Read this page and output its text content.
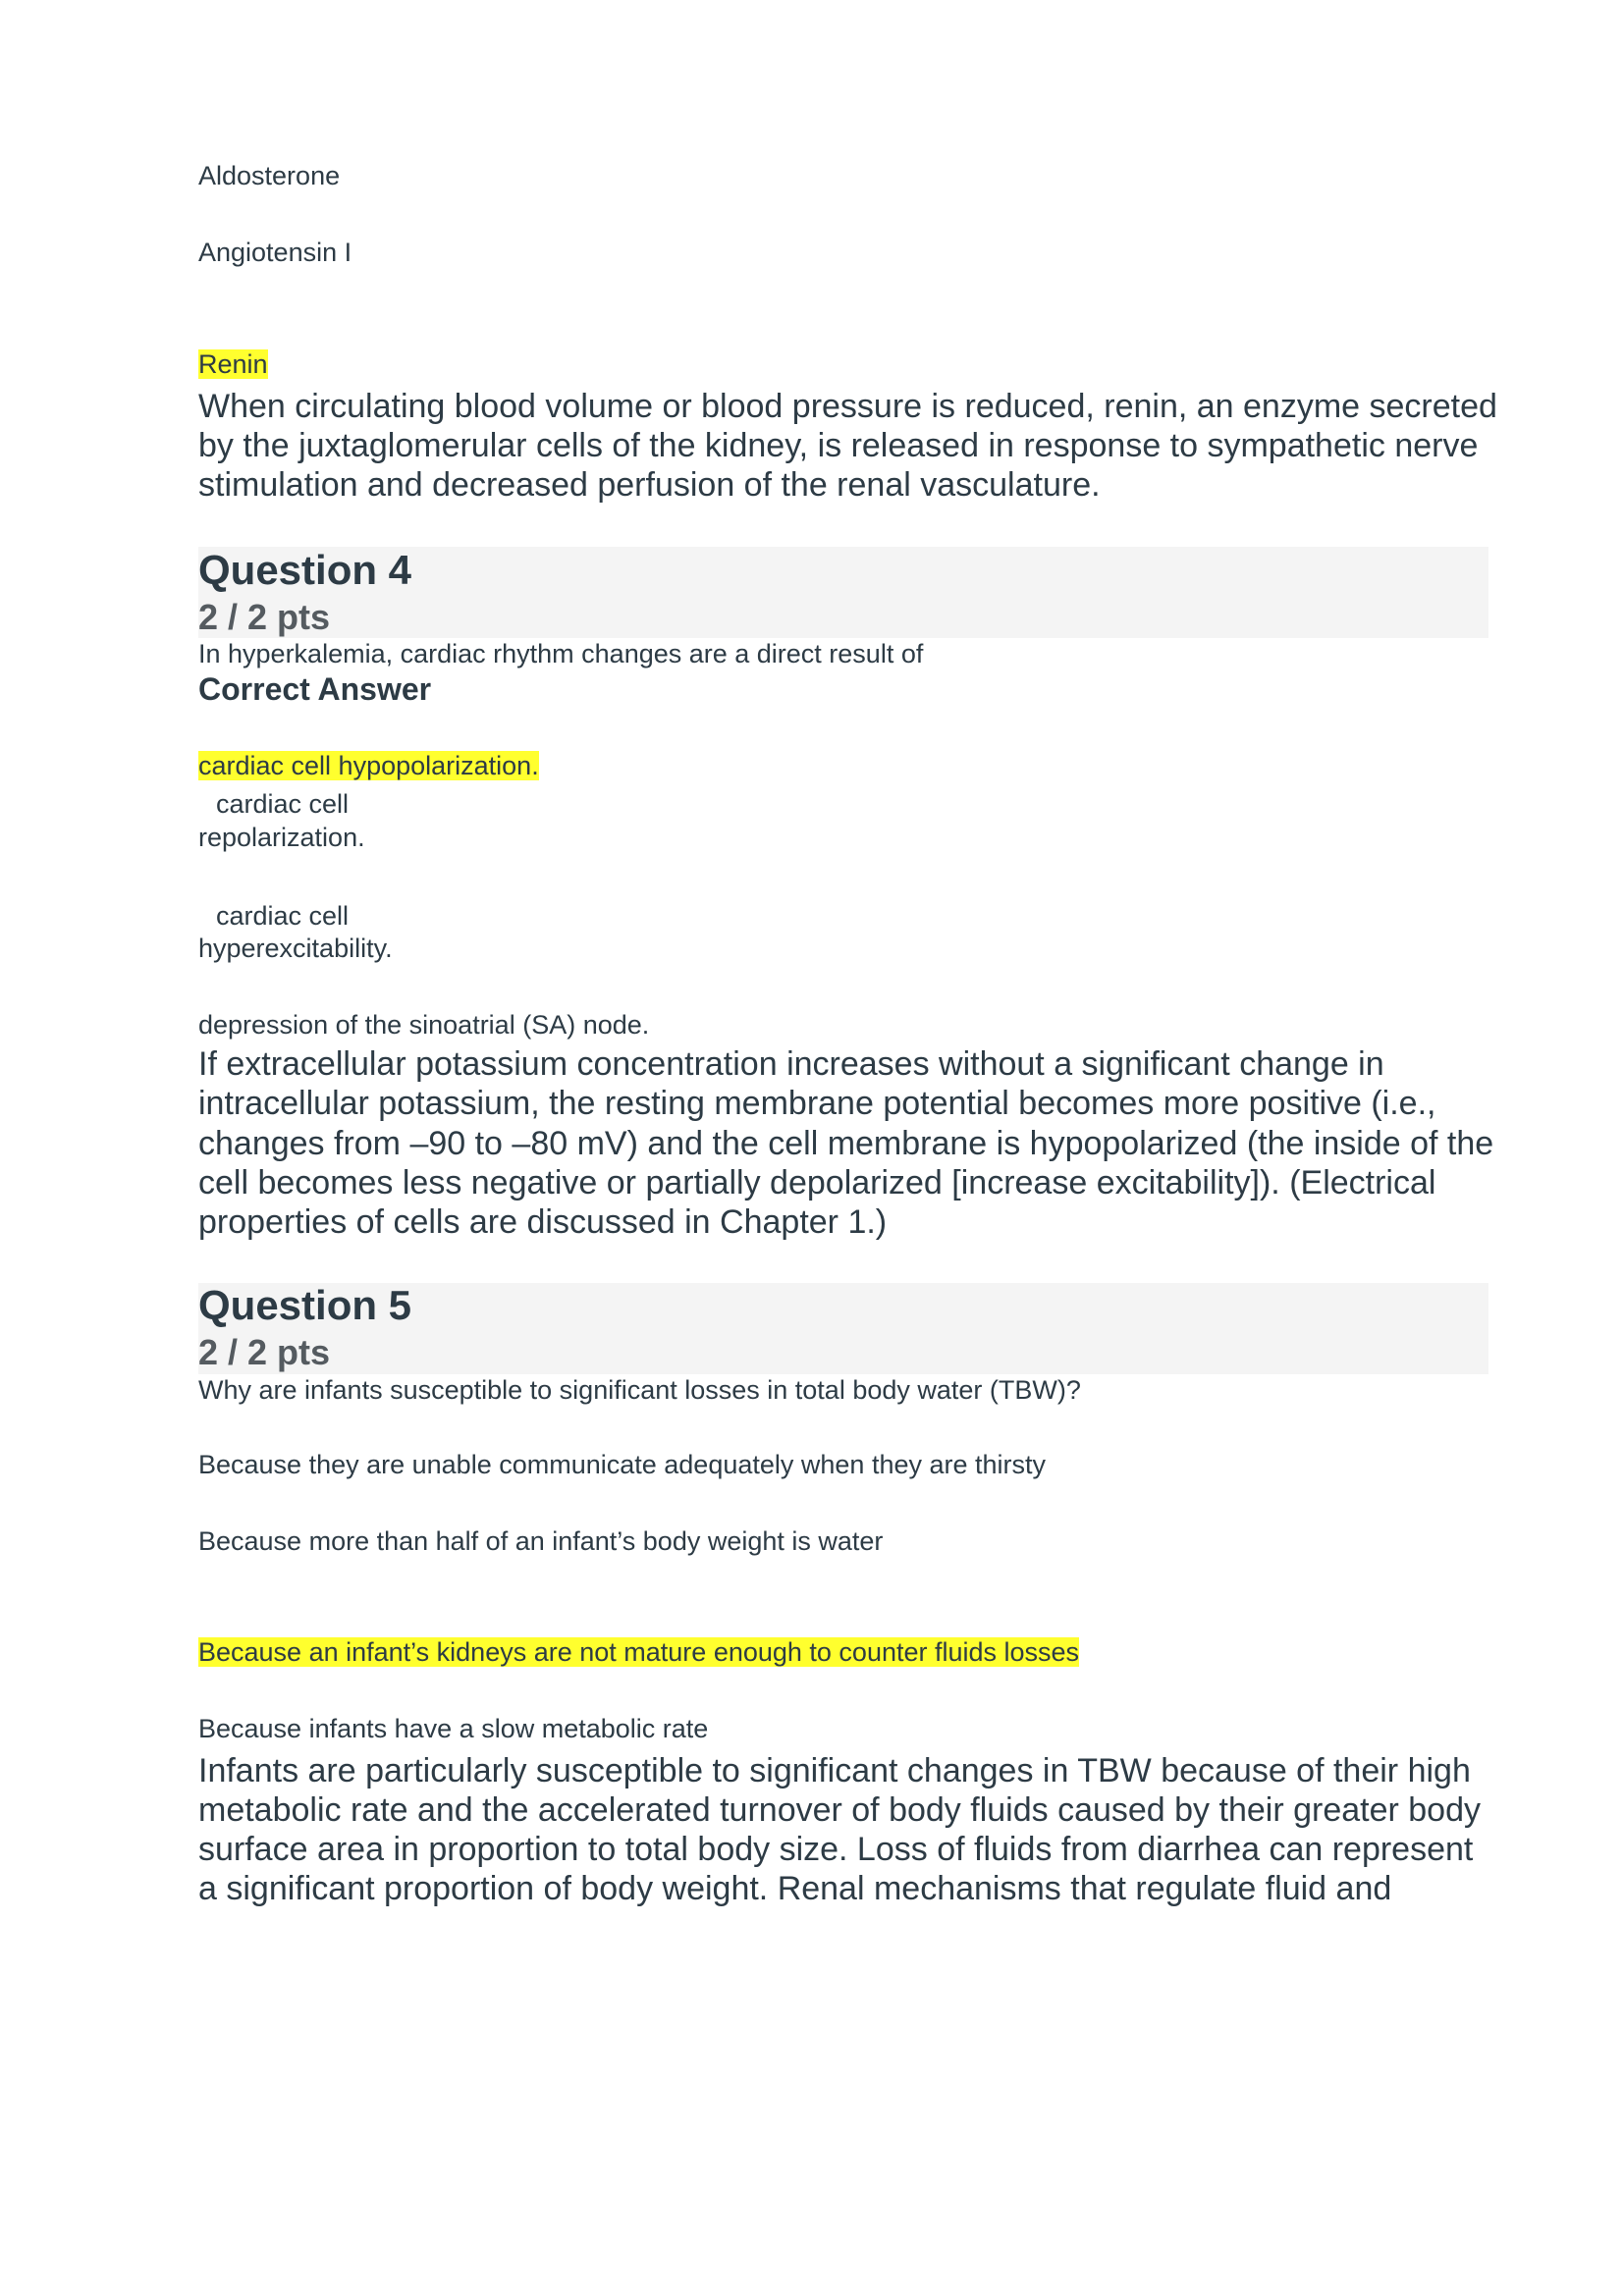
Aldosterone
Angiotensin I
Renin
When circulating blood volume or blood pressure is reduced, renin, an enzyme secreted
by the juxtaglomerular cells of the kidney, is released in response to sympathetic nerve
stimulation and decreased perfusion of the renal vasculature.
Question 4
2 / 2 pts
In hyperkalemia, cardiac rhythm changes are a direct result of
Correct Answer
cardiac cell hypopolarization.
cardiac cell
repolarization.
cardiac cell
hyperexcitability.
depression of the sinoatrial (SA) node.
If extracellular potassium concentration increases without a significant change in
intracellular potassium, the resting membrane potential becomes more positive (i.e.,
changes from –90 to –80 mV) and the cell membrane is hypopolarized (the inside of the
cell becomes less negative or partially depolarized [increase excitability]). (Electrical
properties of cells are discussed in Chapter 1.)
Question 5
2 / 2 pts
Why are infants susceptible to significant losses in total body water (TBW)?
Because they are unable communicate adequately when they are thirsty
Because more than half of an infant’s body weight is water
Because an infant’s kidneys are not mature enough to counter fluids losses
Because infants have a slow metabolic rate
Infants are particularly susceptible to significant changes in TBW because of their high
metabolic rate and the accelerated turnover of body fluids caused by their greater body
surface area in proportion to total body size. Loss of fluids from diarrhea can represent
a significant proportion of body weight. Renal mechanisms that regulate fluid and
